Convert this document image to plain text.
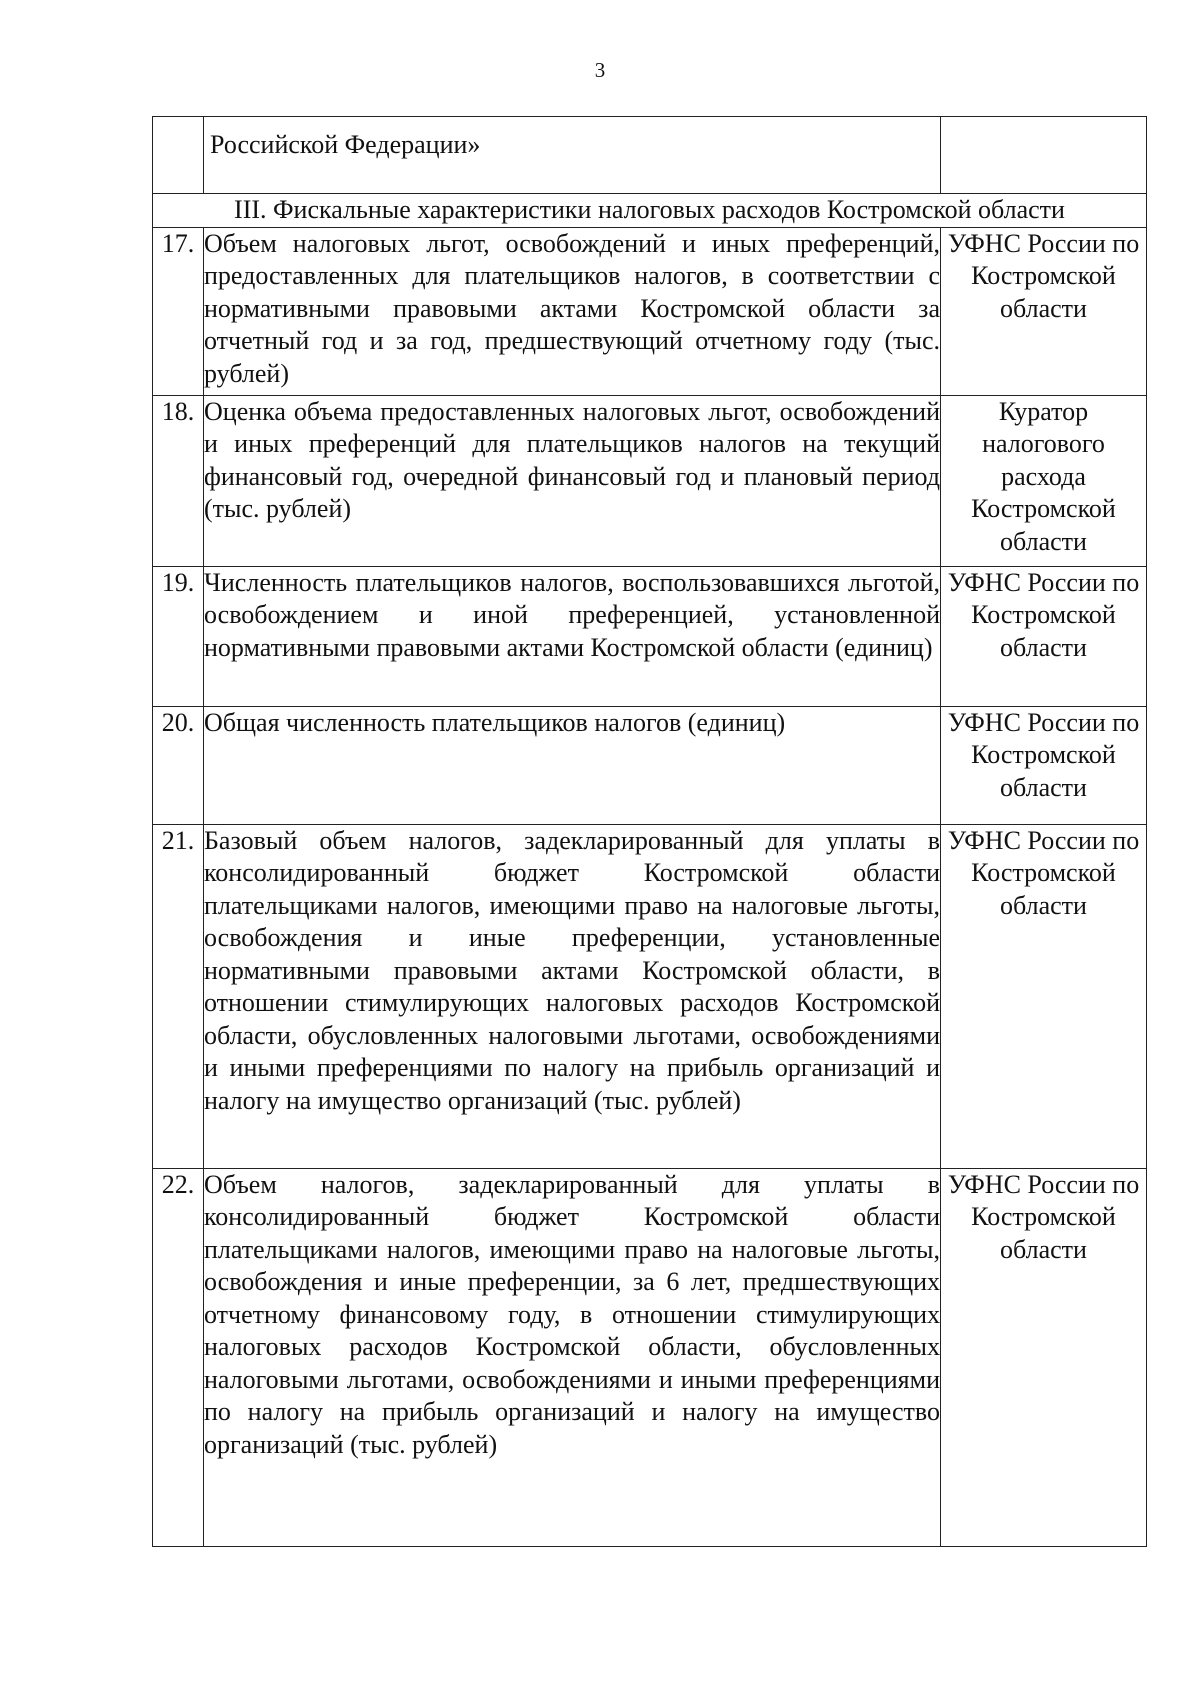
3
	Российской Федерации»	
III. Фискальные характеристики налоговых расходов Костромской области		
17.	Объем налоговых льгот, освобождений и иных преференций, предоставленных для плательщиков налогов, в соответствии с нормативными правовыми актами Костромской области за отчетный год и за год, предшествующий отчетному году (тыс. рублей)	УФНС России по Костромской области
18.	Оценка объема предоставленных налоговых льгот, освобождений и иных преференций для плательщиков налогов на текущий финансовый год, очередной финансовый год и плановый период (тыс. рублей)	Куратор налогового расхода Костромской области
19.	Численность плательщиков налогов, воспользовавшихся льготой, освобождением и иной преференцией, установленной нормативными правовыми актами Костромской области (единиц)	УФНС России по Костромской области
20.	Общая численность плательщиков налогов (единиц)	УФНС России по Костромской области
21.	Базовый объем налогов, задекларированный для уплаты в консолидированный бюджет Костромской области плательщиками налогов, имеющими право на налоговые льготы, освобождения и иные преференции, установленные нормативными правовыми актами Костромской области, в отношении стимулирующих налоговых расходов Костромской области, обусловленных налоговыми льготами, освобождениями и иными преференциями по налогу на прибыль организаций и налогу на имущество организаций (тыс. рублей)	УФНС России по Костромской области
22.	Объем налогов, задекларированный для уплаты в консолидированный бюджет Костромской области плательщиками налогов, имеющими право на налоговые льготы, освобождения и иные преференции, за 6 лет, предшествующих отчетному финансовому году, в отношении стимулирующих налоговых расходов Костромской области, обусловленных налоговыми льготами, освобождениями и иными преференциями по налогу на прибыль организаций и налогу на имущество организаций (тыс. рублей)	УФНС России по Костромской области
